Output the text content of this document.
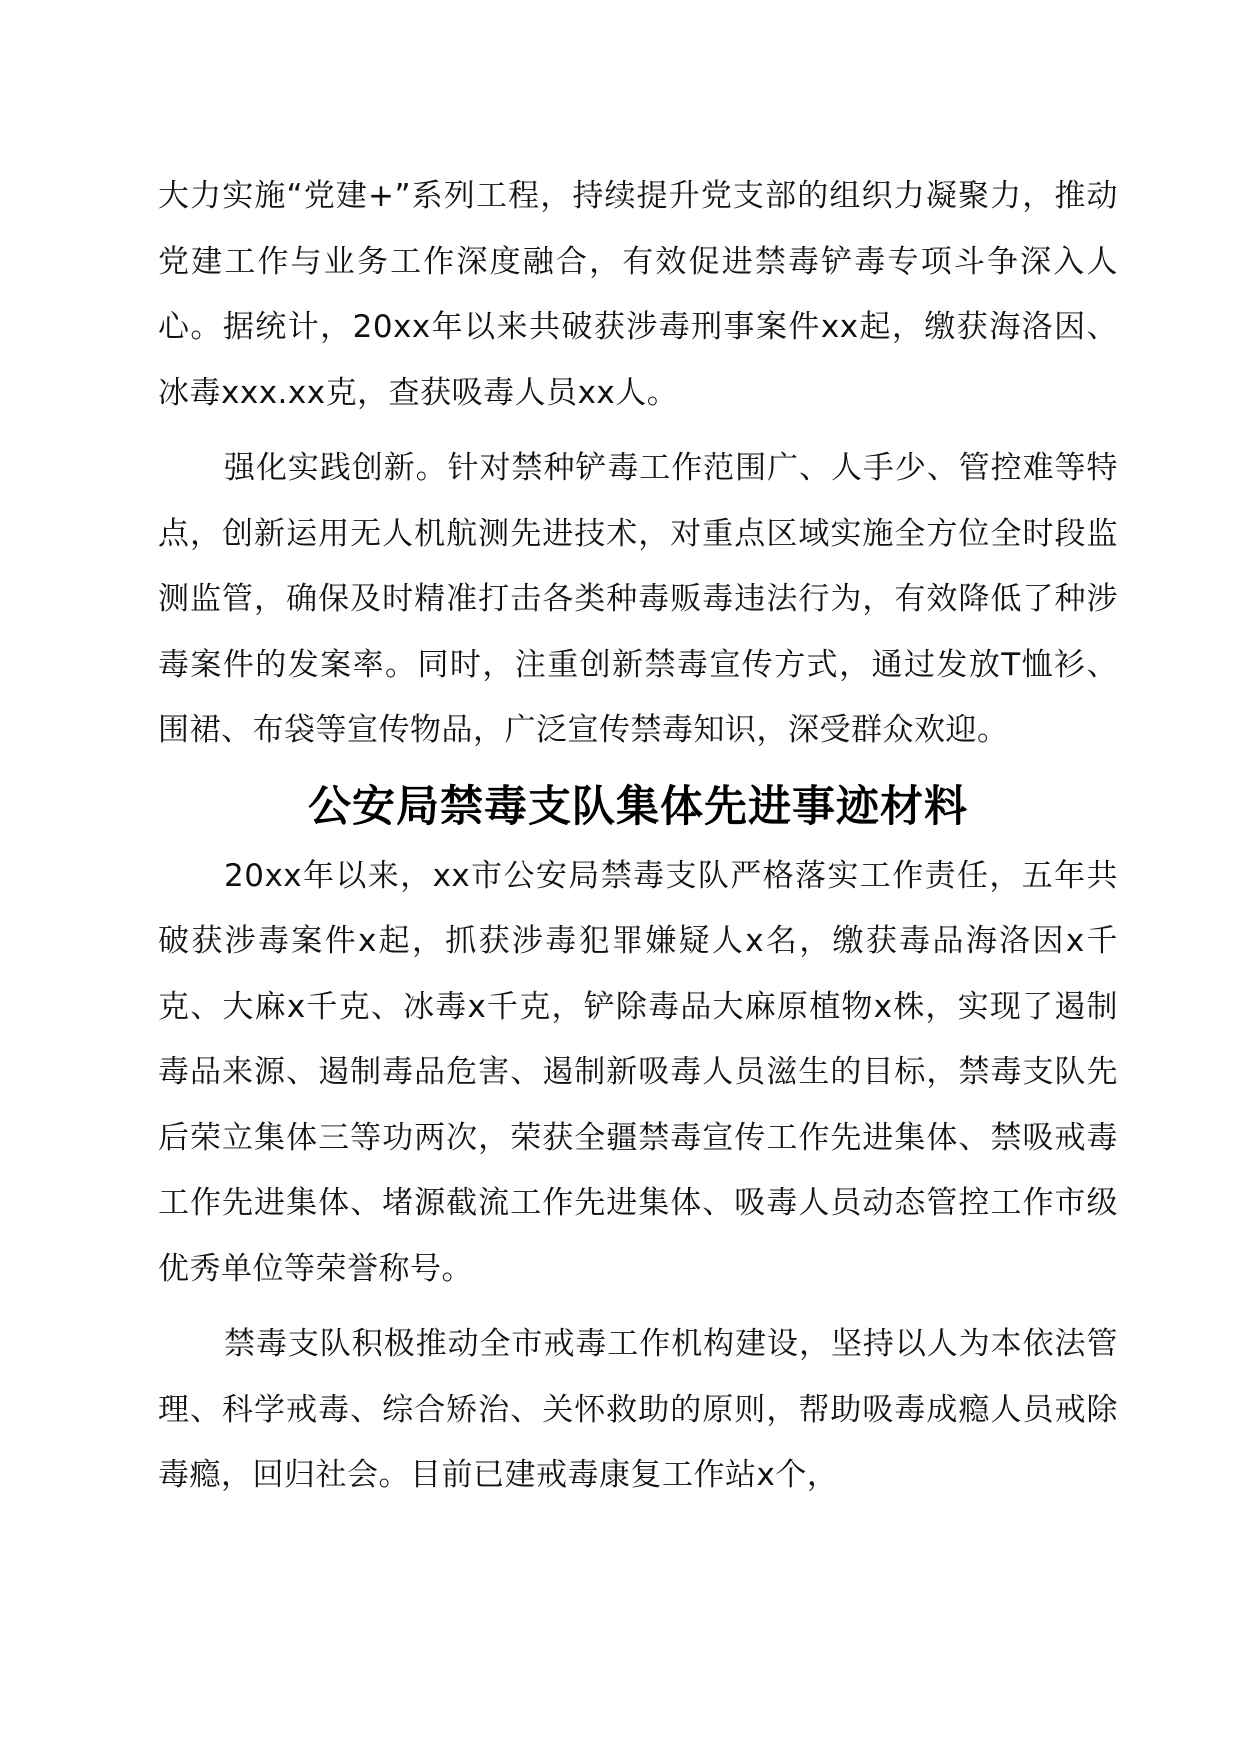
大力实施“党建+”系列工程，持续提升党支部的组织力凝聚力，推动党建工作与业务工作深度融合，有效促进禁毒铲毒专项斗争深入人心。据统计，20xx年以来共破获涉毒刑事案件xx起，缴获海洛因、冰毒xxx.xx克，查获吸毒人员xx人。

强化实践创新。针对禁种铲毒工作范围广、人手少、管控难等特点，创新运用无人机航测先进技术，对重点区域实施全方位全时段监测监管，确保及时精准打击各类种毒贩毒违法行为，有效降低了种涉毒案件的发案率。同时，注重创新禁毒宣传方式，通过发放T恤衫、围裙、布袋等宣传物品，广泛宣传禁毒知识，深受群众欢迎。

公安局禁毒支队集体先进事迹材料

20xx年以来，xx市公安局禁毒支队严格落实工作责任，五年共破获涉毒案件x起，抓获涉毒犯罪嫌疑人x名，缴获毒品海洛因x千克、大麻x千克、冰毒x千克，铲除毒品大麻原植物x株，实现了遏制毒品来源、遏制毒品危害、遏制新吸毒人员滋生的目标，禁毒支队先后荣立集体三等功两次，荣获全疆禁毒宣传工作先进集体、禁吸戒毒工作先进集体、堵源截流工作先进集体、吸毒人员动态管控工作市级优秀单位等荣誉称号。

禁毒支队积极推动全市戒毒工作机构建设，坚持以人为本依法管理、科学戒毒、综合矫治、关怀救助的原则，帮助吸毒成瘾人员戒除毒瘾，回归社会。目前已建戒毒康复工作站x个，
